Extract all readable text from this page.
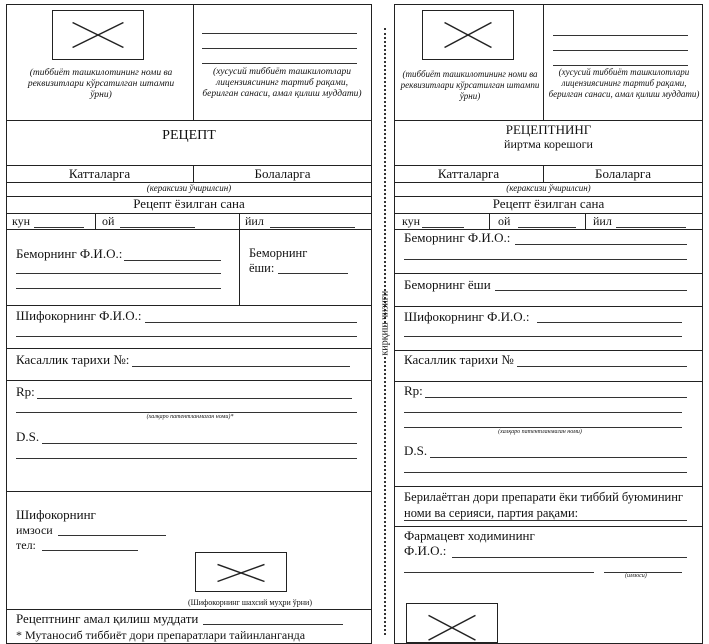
(тиббиёт ташкилотининг номи ва реквизитлари кўрсатилган штампи ўрни)
(хусусий тиббиёт ташкилотлари лицензиясининг тартиб рақами, берилган санаси, амал қилиш муддати)
РЕЦЕПТ
Катталарга	Болаларга
(кераксизи ўчирилсин)
Рецепт ёзилган сана
кун	ой	йил
Беморнинг Ф.И.О.:	Беморнинг
ёши:
Шифокорнинг Ф.И.О.:
Касаллик тарихи №:
Rp:
(халқаро патентланмаган номи)*
D.S.
Шифокорнинг
имзоси
тел:
(Шифокорнинг шахсий муҳри ўрни)
Рецептнинг амал қилиш муддати
* Мутаносиб тиббиёт дори препаратлари тайинланганда
кирқиш чизиғи
(тиббиёт ташкилотининг номи ва реквизитлари кўрсатилган штампи ўрни)
(хусусий тиббиёт ташкилотлари лицензиясининг тартиб рақами, берилган санаси, амал қилиш муддати)
РЕЦЕПТНИНГ
йиртма корешоги
Катталарга	Болаларга
(кераксизи ўчирилсин)
Рецепт ёзилган сана
кун	ой	йил
Беморнинг Ф.И.О.:
Беморнинг ёши
Шифокорнинг Ф.И.О.:
Касаллик тарихи №
Rp:
(халқаро патентланмаган номи)
D.S.
Берилаётган дори препарати ёки тиббий буюмининг
номи ва серияси, партия рақами:
Фармацевт ходимининг
Ф.И.О.:
(имзоси)
